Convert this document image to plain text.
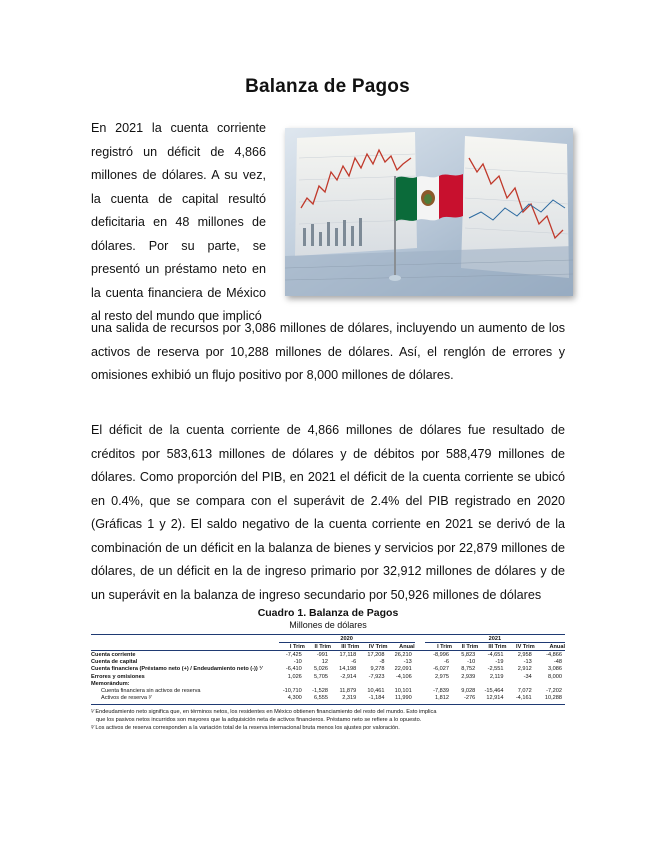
Balanza de Pagos
En 2021 la cuenta corriente registró un déficit de 4,866 millones de dólares. A su vez, la cuenta de capital resultó deficitaria en 48 millones de dólares. Por su parte, se presentó un préstamo neto en la cuenta financiera de México al resto del mundo que implicó
una salida de recursos por 3,086 millones de dólares, incluyendo un aumento de los activos de reserva por 10,288 millones de dólares. Así, el renglón de errores y omisiones exhibió un flujo positivo por 8,000 millones de dólares.
El déficit de la cuenta corriente de 4,866 millones de dólares fue resultado de créditos por 583,613 millones de dólares y de débitos por 588,479 millones de dólares. Como proporción del PIB, en 2021 el déficit de la cuenta corriente se ubicó en 0.4%, que se compara con el superávit de 2.4% del PIB registrado en 2020 (Gráficas 1 y 2). El saldo negativo de la cuenta corriente en 2021 se derivó de la combinación de un déficit en la balanza de bienes y servicios por 22,879 millones de dólares, de un déficit en la de ingreso primario por 32,912 millones de dólares y de un superávit en la balanza de ingreso secundario por 50,926 millones de dólares
Cuadro 1. Balanza de Pagos
Millones de dólares
	2020						2021				
	I Trim	II Trim	III Trim	IV Trim	Anual		I Trim	II Trim	III Trim	IV Trim	Anual
Cuenta corriente	-7,425	-991	17,118	17,208	26,210		-8,996	5,823	-4,651	2,958	-4,866
Cuenta de capital	-10	12	-6	-8	-13		-6	-10	-19	-13	-48
Cuenta financiera (Préstamo neto (+) / Endeudamiento neto (-)) ¹⁄	-6,410	5,026	14,198	9,278	22,091		-6,027	8,752	-2,551	2,912	3,086
Errores y omisiones	1,026	5,705	-2,914	-7,923	-4,106		2,975	2,939	2,119	-34	8,000
Memorándum:											
Cuenta financiera sin activos de reserva	-10,710	-1,528	11,879	10,461	10,101		-7,839	9,028	-15,464	7,072	-7,202
Activos de reserva ²⁄	4,300	6,555	2,319	-1,184	11,990		1,812	-276	12,914	-4,161	10,288

¹⁄ Endeudamiento neto significa que, en términos netos, los residentes en México obtienen financiamiento del resto del mundo. Esto implica
que los pasivos netos incurridos son mayores que la adquisición neta de activos financieros. Préstamo neto se refiere a lo opuesto.
²⁄ Los activos de reserva corresponden a la variación total de la reserva internacional bruta menos los ajustes por valoración.
